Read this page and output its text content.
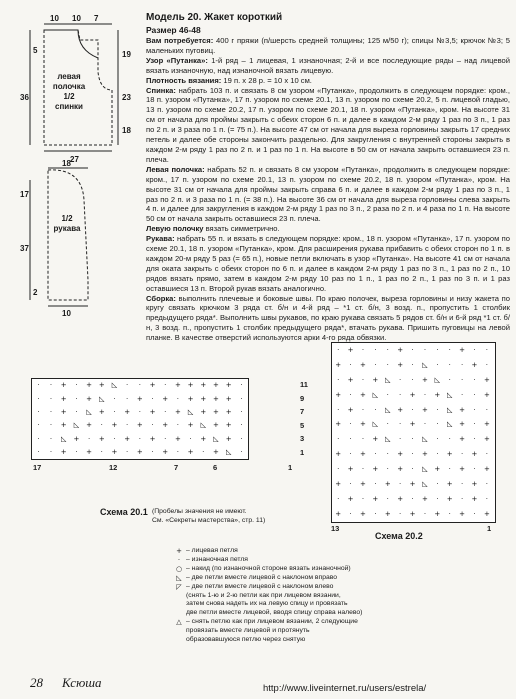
10 10 7
5
36
19
23
18
27
левая
полочка
1/2
спинки
18
17
37
2
10
1/2
рукава
Модель 20. Жакет короткий
Размер 46-48

Вам потребуется: 400 г пряжи (п/шерсть средней толщины; 125 м/50 г); спицы №3,5; крючок №3; 5 маленьких пуговиц.

Узор «Путанка»: 1-й ряд – 1 лицевая, 1 изнаночная; 2-й и все последующие ряды – над лицевой вязать изнаночную, над изнаночной вязать лицевую.

Плотность вязания: 19 п. х 28 р. = 10 х 10 см.

Спинка: набрать 103 п. и связать 8 см узором «Путанка», продолжить в следующем порядке: кром., 18 п. узором «Путанка», 17 п. узором по схеме 20.1, 13 п. узором по схеме 20.2, 5 п. лицевой гладью, 13 п. узором по схеме 20.2, 17 п. узором по схеме 20.1, 18 п. узором «Путанка», кром. На высоте 31 см от начала для проймы закрыть с обеих сторон 6 п. и далее в каждом 2-м ряду 1 раз по 3 п., 1 раз по 2 п. и 3 раза по 1 п. (= 75 п.). На высоте 47 см от начала для выреза горловины закрыть 17 средних петель и далее обе стороны закончить раздельно. Для закругления с внутренней стороны закрыть в каждом 2-м ряду 1 раз по 2 п. и 1 раз по 1 п. На высоте в 50 см от начала закрыть оставшиеся 23 п. плеча.

Левая полочка: набрать 52 п. и связать 8 см узором «Путанка», продолжить в следующем порядке: кром., 17 п. узором по схеме 20.1, 13 п. узором по схеме 20.2, 18 п. узором «Путанка», кром. На высоте 31 см от начала для проймы закрыть справа 6 п. и далее в каждом 2-м ряду 1 раз по 3 п., 1 раз по 2 п. и 3 раза по 1 п. (= 38 п.). На высоте 36 см от начала для выреза горловины слева закрыть 4 п. и далее для закругления в каждом 2-м ряду 1 раз по 3 п., 2 раза по 2 п. и 4 раза по 1 п. На высоте 50 см от начала закрыть оставшиеся 23 п. плеча.

Левую полочку вязать симметрично.

Рукава: набрать 55 п. и вязать в следующем порядке: кром., 18 п. узором «Путанка», 17 п. узором по схеме 20.1, 18 п. узором «Путанка», кром. Для расширения рукава прибавить с обеих сторон по 1 п. в каждом 20-м ряду 5 раз (= 65 п.), новые петли включать в узор «Путанка». На высоте 41 см от начала для оката закрыть с обеих сторон по 6 п. и далее в каждом 2-м ряду 1 раз по 3 п., 1 раз по 2 п., 10 рядов вязать прямо, затем в каждом 2-м ряду 10 раз по 1 п., 1 раз по 2 п., 1 раз по 3 п. и 1 раз оставшиеся 13 п. Второй рукав вязать аналогично.

Сборка: выполнить плечевые и боковые швы. По краю полочек, выреза горловины и низу жакета по кругу связать крючком 3 ряда ст. б/н и 4-й ряд – *1 ст. б/н, 3 возд. п., пропустить 1 столбик предыдущего ряда*. Выполнить швы рукавов, по краю рукава связать 5 рядов ст. б/н и 6-й ряд *1 ст. б/н, 3 возд. п., пропустить 1 столбик предыдущего ряда*, втачать рукава. Пришить пуговицы на левой планке. В качестве отверстий используются арки 4-го ряда обвязки.

·	·	+	·	+ +	◺	·	·	+	·	+ + + + +	·
·	·	+	·	+	◺	·	·	+	·	+	·	+ + + +	·
·	·	+	·	◺	+	·	+	·	+	·	+	◺	+ + +	·
·	·	+	◺	+	·	+	·	+	·	+	·	+	◺	+ +	·
·	·	◺	+	·	+	·	+	·	+	·	+	·	+	◺	+	·
·	·	+	·	+	·	+	·	+	·	+	·	+	·	+	◺	·
11
9
7
5
3
1
17	12	7	6	1
Схема 20.1 (Пробелы значения не имеют.
См. «Секреты мастерства», стр. 11)
·	+	·	·	·	+	·	·	·	·	+	·	·
+	·	+	·	·	+	·	◺	·	·	·	+	·
·	+	·	+ ◺	·	·	+ ◺	·	·	·	+
+	·	+ ◺	·	·	+	·	+ ◺	·	·	+
·	+	·	·	◺ +	·	+	·	◺ +	·	·
+	·	+ ◺	·	·	+	·	·	◺ +	·	+
·	·	·	+ ◺	·	·	◺	·	·	+	·	+
+	·	+	·	·	+	·	+	·	+	·	+	·
·	+	·	+	·	+	·	◺ +	·	+	·	+
+	·	+	·	+	·	+ ◺	·	+	·	+	·
·	+	·	+	·	+	·	+	·	+	·	+	·
+	·	+	·	+	·	+	·	+	·	+	·	+
13	1
Схема 20.2
+ – лицевая петля
· – изнаночная петля
○ – накид (по изнаночной стороне вязать изнаночной)
◺ – две петли вместе лицевой с наклоном вправо
◸ – две петли вместе лицевой с наклоном влево
(снять 1-ю и 2-ю петли как при лицевом вязании,
затем снова надеть их на левую спицу и провязать
две петли вместе лицевой, вводя спицу справа налево)
△ – снять петлю как при лицевом вязании, 2 следующие
провязать вместе лицевой и протянуть
образовавшуюся петлю через снятую
28 Ксюша	http://www.liveinternet.ru/users/estrela/
